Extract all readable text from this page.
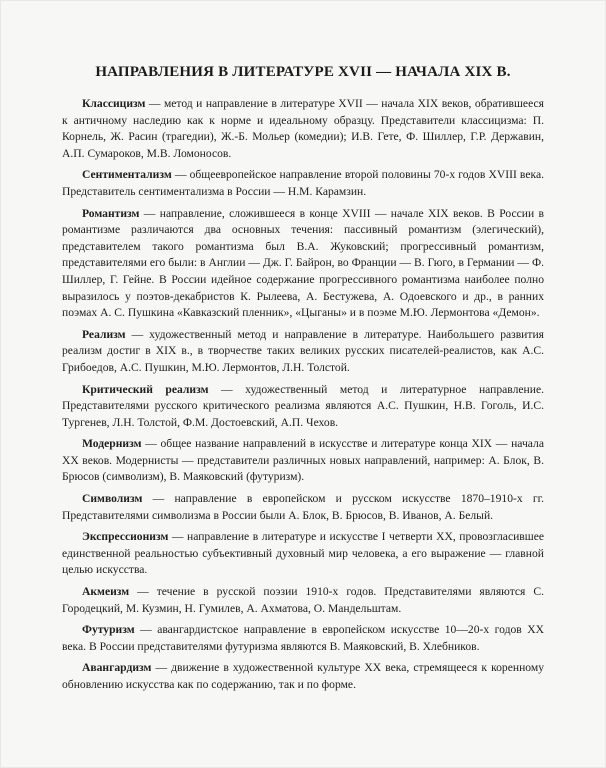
НАПРАВЛЕНИЯ В ЛИТЕРАТУРЕ XVII — НАЧАЛА XIX В.

Классицизм — метод и направление в литературе XVII — начала XIX веков, обратившееся к античному наследию как к норме и идеальному образцу. Представители классицизма: П. Корнель, Ж. Расин (трагедии), Ж.-Б. Мольер (комедии); И.В. Гете, Ф. Шиллер, Г.Р. Державин, А.П. Сумароков, М.В. Ломоносов.

Сентиментализм — общеевропейское направление второй половины 70-х годов XVIII века. Представитель сентиментализма в России — Н.М. Карамзин.

Романтизм — направление, сложившееся в конце XVIII — начале XIX веков. В России в романтизме различаются два основных течения: пассивный романтизм (элегический), представителем такого романтизма был В.А. Жуковский; прогрессивный романтизм, представителями его были: в Англии — Дж. Г. Байрон, во Франции — В. Гюго, в Германии — Ф. Шиллер, Г. Гейне. В России идейное содержание прогрессивного романтизма наиболее полно выразилось у поэтов-декабристов К. Рылеева, А. Бестужева, А. Одоевского и др., в ранних поэмах А. С. Пушкина «Кавказский пленник», «Цыганы» и в поэме М.Ю. Лермонтова «Демон».

Реализм — художественный метод и направление в литературе. Наибольшего развития реализм достиг в XIX в., в творчестве таких великих русских писателей-реалистов, как А.С. Грибоедов, А.С. Пушкин, М.Ю. Лермонтов, Л.Н. Толстой.

Критический реализм — художественный метод и литературное направление. Представителями русского критического реализма являются А.С. Пушкин, Н.В. Гоголь, И.С. Тургенев, Л.Н. Толстой, Ф.М. Достоевский, А.П. Чехов.

Модернизм — общее название направлений в искусстве и литературе конца XIX — начала XX веков. Модернисты — представители различных новых направлений, например: А. Блок, В. Брюсов (символизм), В. Маяковский (футуризм).

Символизм — направление в европейском и русском искусстве 1870–1910-х гг. Представителями символизма в России были А. Блок, В. Брюсов, В. Иванов, А. Белый.

Экспрессионизм — направление в литературе и искусстве I четверти XX, провозгласившее единственной реальностью субъективный духовный мир человека, а его выражение — главной целью искусства.

Акмеизм — течение в русской поэзии 1910-х годов. Представителями являются С. Городецкий, М. Кузмин, Н. Гумилев, А. Ахматова, О. Мандельштам.

Футуризм — авангардистское направление в европейском искусстве 10—20-х годов XX века. В России представителями футуризма являются В. Маяковский, В. Хлебников.

Авангардизм — движение в художественной культуре XX века, стремящееся к коренному обновлению искусства как по содержанию, так и по форме.
